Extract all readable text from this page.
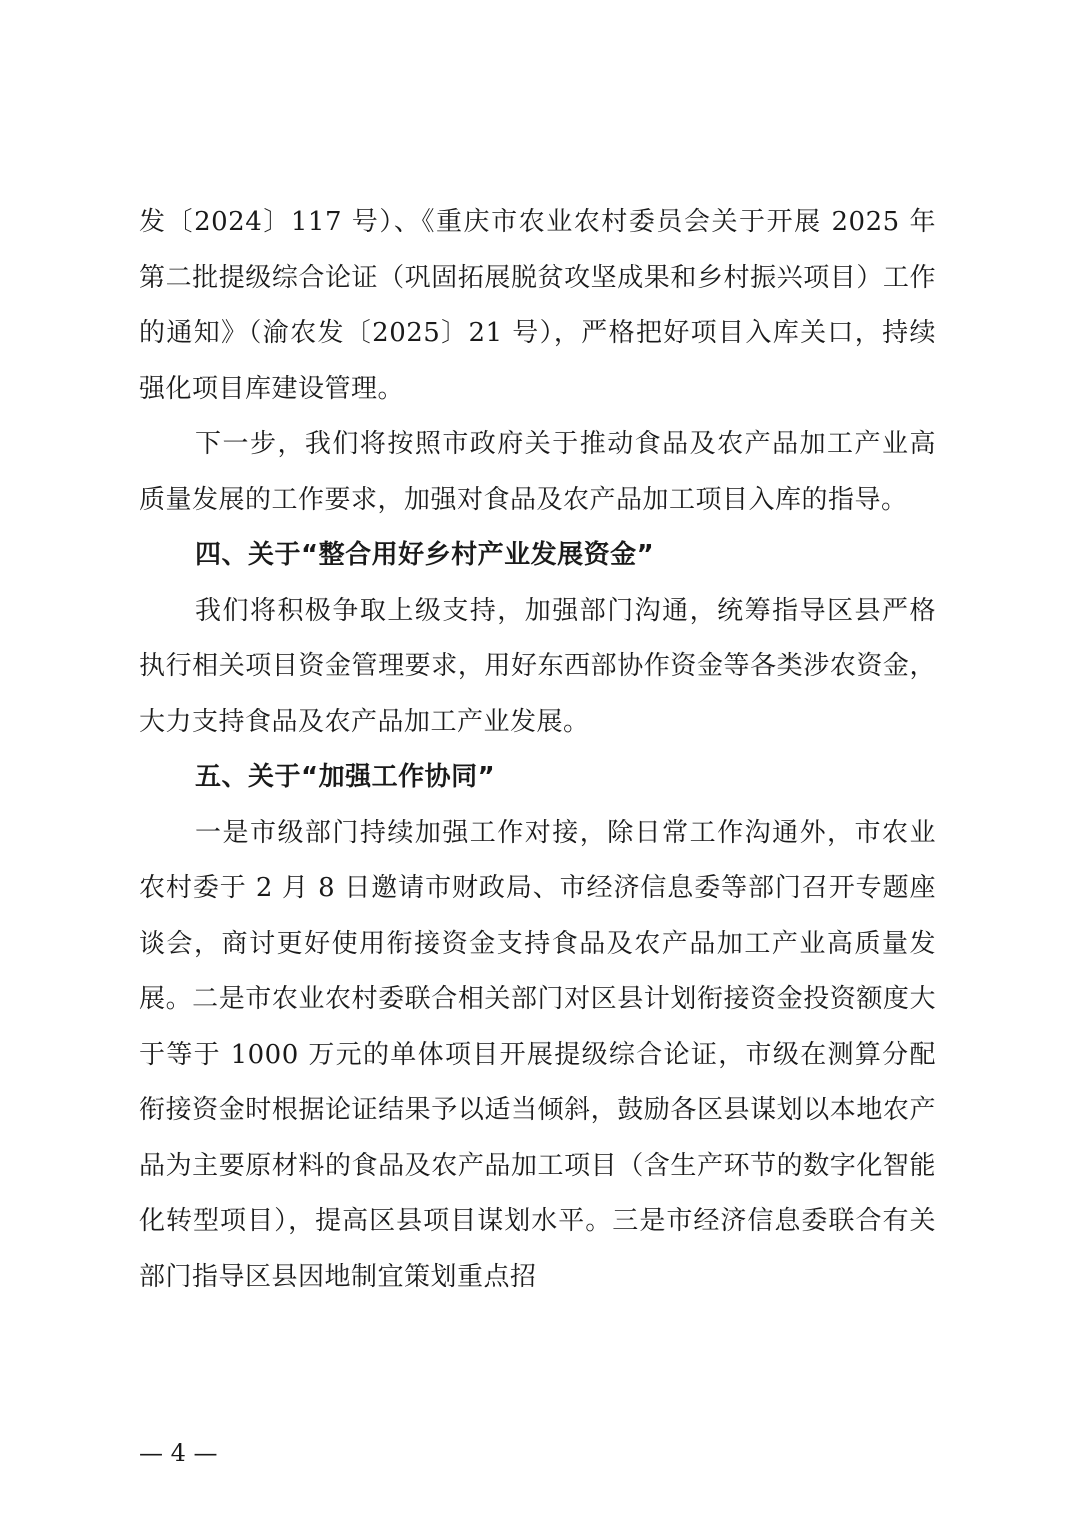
发〔2024〕117 号）、《重庆市农业农村委员会关于开展 2025 年第二批提级综合论证（巩固拓展脱贫攻坚成果和乡村振兴项目）工作的通知》（渝农发〔2025〕21 号），严格把好项目入库关口，持续强化项目库建设管理。

下一步，我们将按照市政府关于推动食品及农产品加工产业高质量发展的工作要求，加强对食品及农产品加工项目入库的指导。

四、关于“整合用好乡村产业发展资金”

我们将积极争取上级支持，加强部门沟通，统筹指导区县严格执行相关项目资金管理要求，用好东西部协作资金等各类涉农资金，大力支持食品及农产品加工产业发展。

五、关于“加强工作协同”

一是市级部门持续加强工作对接，除日常工作沟通外，市农业农村委于 2 月 8 日邀请市财政局、市经济信息委等部门召开专题座谈会，商讨更好使用衔接资金支持食品及农产品加工产业高质量发展。二是市农业农村委联合相关部门对区县计划衔接资金投资额度大于等于 1000 万元的单体项目开展提级综合论证，市级在测算分配衔接资金时根据论证结果予以适当倾斜，鼓励各区县谋划以本地农产品为主要原材料的食品及农产品加工项目（含生产环节的数字化智能化转型项目），提高区县项目谋划水平。三是市经济信息委联合有关部门指导区县因地制宜策划重点招

— 4 —
